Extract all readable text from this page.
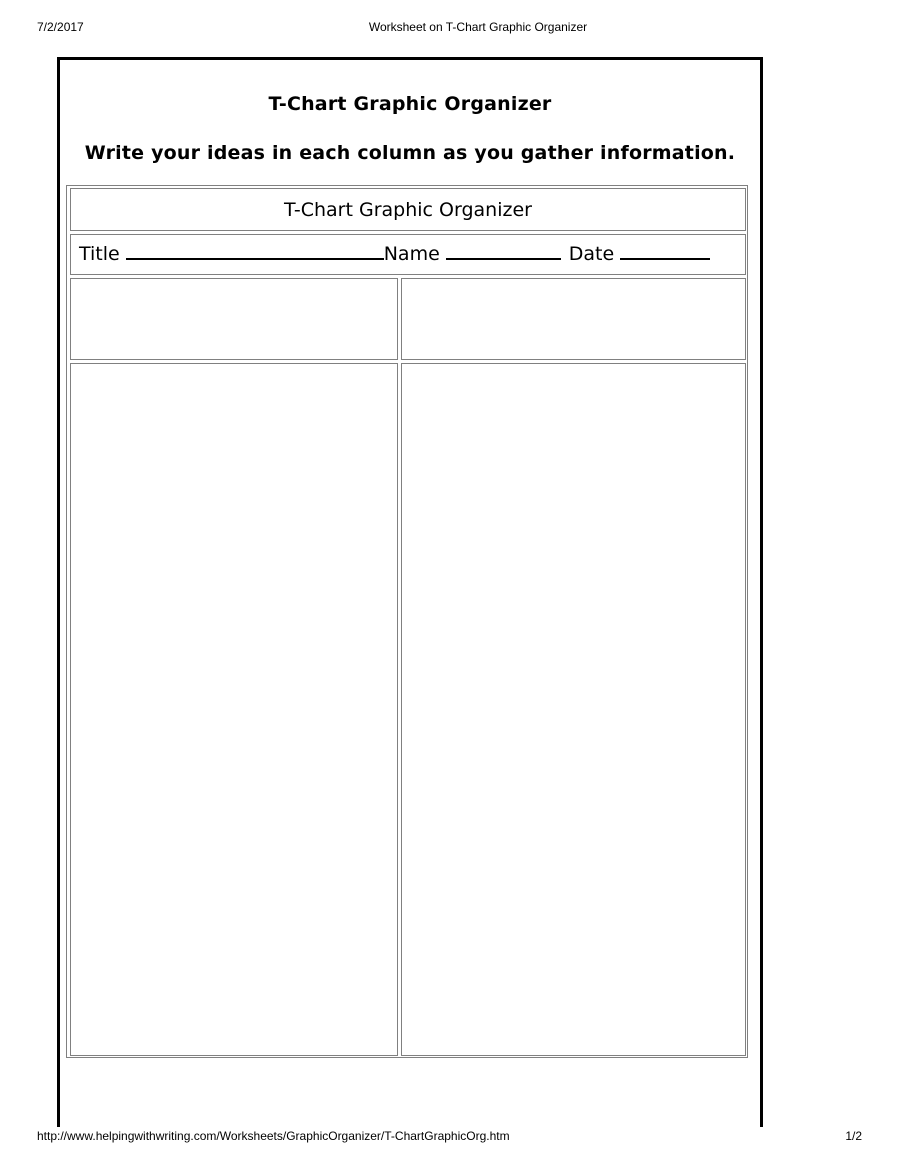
7/2/2017	Worksheet on T-Chart Graphic Organizer
T-Chart Graphic Organizer
Write your ideas in each column as you gather information.
T-Chart Graphic Organizer
Title	Name	Date
http://www.helpingwithwriting.com/Worksheets/GraphicOrganizer/T-ChartGraphicOrg.htm	1/2
